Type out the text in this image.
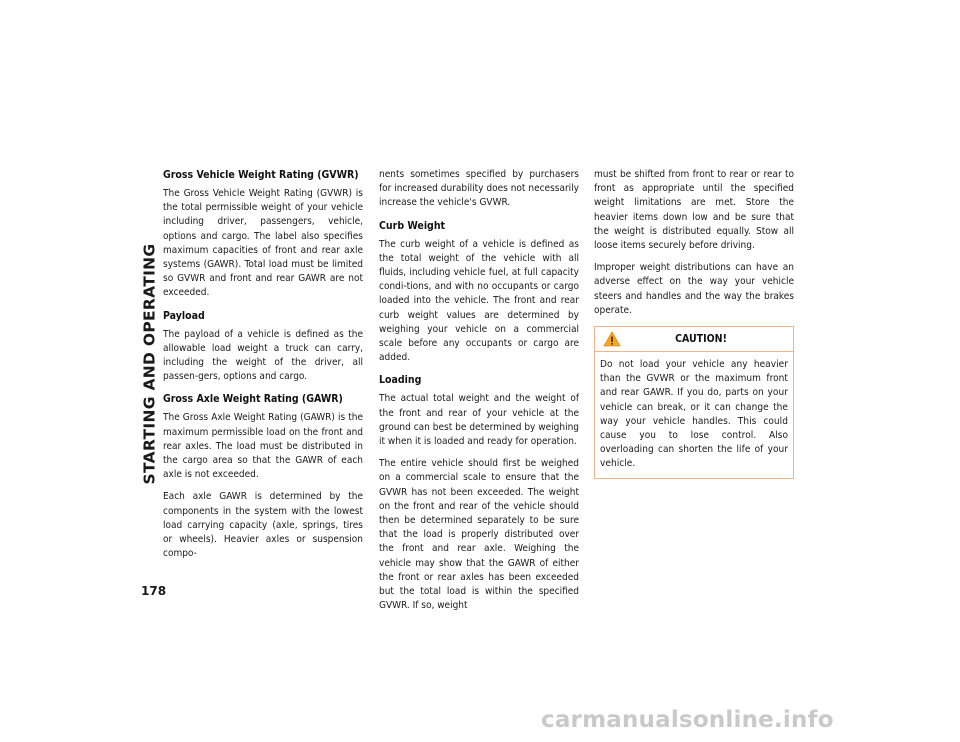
STARTING AND OPERATING
178
Gross Vehicle Weight Rating (GVWR)

The Gross Vehicle Weight Rating (GVWR) is the total permissible weight of your vehicle including driver, passengers, vehicle, options and cargo. The label also specifies maximum capacities of front and rear axle systems (GAWR). Total load must be limited so GVWR and front and rear GAWR are not exceeded.

Payload

The payload of a vehicle is defined as the allowable load weight a truck can carry, including the weight of the driver, all passen-gers, options and cargo.

Gross Axle Weight Rating (GAWR)

The Gross Axle Weight Rating (GAWR) is the maximum permissible load on the front and rear axles. The load must be distributed in the cargo area so that the GAWR of each axle is not exceeded.

Each axle GAWR is determined by the components in the system with the lowest load carrying capacity (axle, springs, tires or wheels). Heavier axles or suspension compo-

nents sometimes specified by purchasers for increased durability does not necessarily increase the vehicle's GVWR.

Curb Weight

The curb weight of a vehicle is defined as the total weight of the vehicle with all fluids, including vehicle fuel, at full capacity condi-tions, and with no occupants or cargo loaded into the vehicle. The front and rear curb weight values are determined by weighing your vehicle on a commercial scale before any occupants or cargo are added.

Loading

The actual total weight and the weight of the front and rear of your vehicle at the ground can best be determined by weighing it when it is loaded and ready for operation.

The entire vehicle should first be weighed on a commercial scale to ensure that the GVWR has not been exceeded. The weight on the front and rear of the vehicle should then be determined separately to be sure that the load is properly distributed over the front and rear axle. Weighing the vehicle may show that the GAWR of either the front or rear axles has been exceeded but the total load is within the specified GVWR. If so, weight

must be shifted from front to rear or rear to front as appropriate until the specified weight limitations are met. Store the heavier items down low and be sure that the weight is distributed equally. Stow all loose items securely before driving.

Improper weight distributions can have an adverse effect on the way your vehicle steers and handles and the way the brakes operate.

CAUTION!

Do not load your vehicle any heavier than the GVWR or the maximum front and rear GAWR. If you do, parts on your vehicle can break, or it can change the way your vehicle handles. This could cause you to lose control. Also overloading can shorten the life of your vehicle.

carmanualsonline.info
